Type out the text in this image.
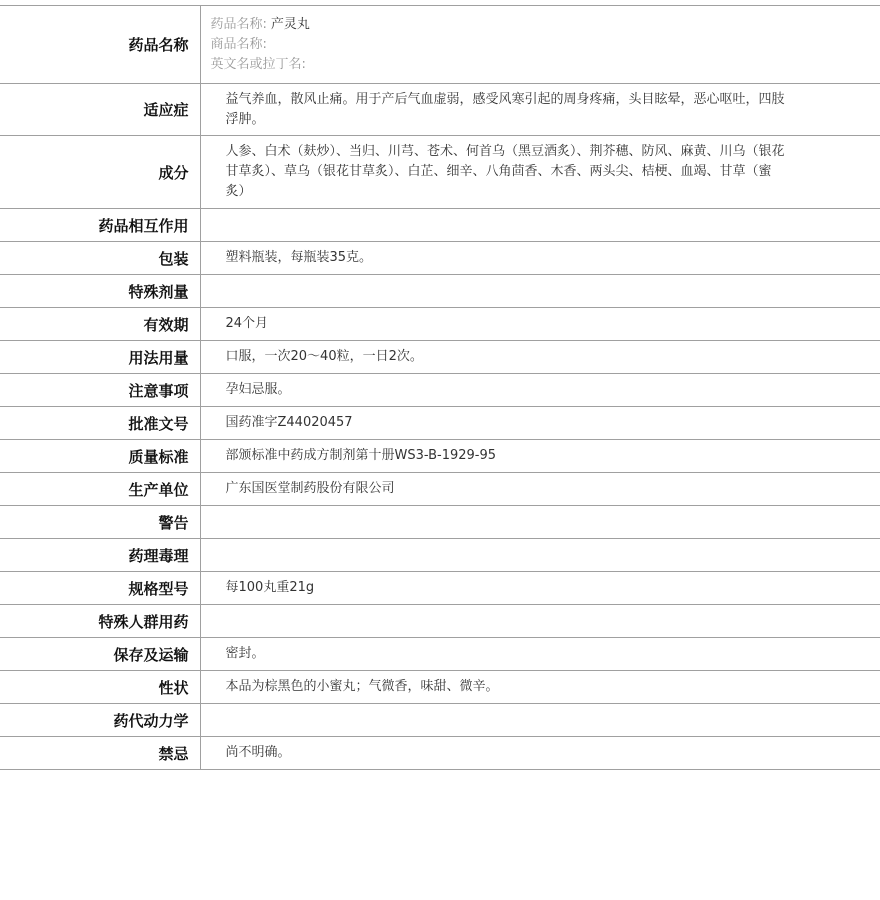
药品名称	药品名称: 产灵丸
商品名称:
英文名或拉丁名:

适应症	益气养血，散风止痛。用于产后气血虚弱，感受风寒引起的周身疼痛，头目眩晕，恶心呕吐，四肢浮肿。

成分	人参、白术（麸炒）、当归、川芎、苍术、何首乌（黑豆酒炙）、荆芥穗、防风、麻黄、川乌（银花甘草炙）、草乌（银花甘草炙）、白芷、细辛、八角茴香、木香、两头尖、桔梗、血竭、甘草（蜜炙）

药品相互作用	

包装	塑料瓶装，每瓶装35克。

特殊剂量	

有效期	24个月

用法用量	口服，一次20～40粒，一日2次。

注意事项	孕妇忌服。

批准文号	国药准字Z44020457

质量标准	部颁标准中药成方制剂第十册WS3-B-1929-95

生产单位	广东国医堂制药股份有限公司

警告	

药理毒理	

规格型号	每100丸重21g

特殊人群用药	

保存及运输	密封。

性状	本品为棕黑色的小蜜丸；气微香，味甜、微辛。

药代动力学	

禁忌	尚不明确。
